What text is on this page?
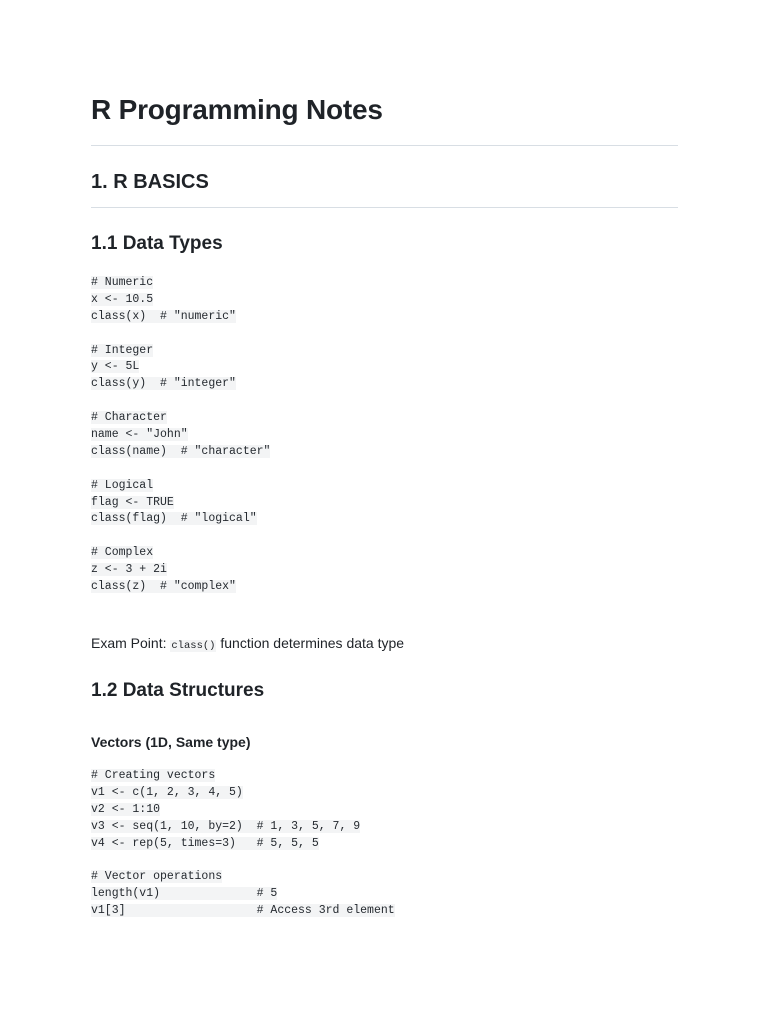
R Programming Notes
1. R BASICS
1.1 Data Types
# Numeric
x <- 10.5
class(x)  # "numeric"
# Integer
y <- 5L
class(y)  # "integer"
# Character
name <- "John"
class(name)  # "character"
# Logical
flag <- TRUE
class(flag)  # "logical"
# Complex
z <- 3 + 2i
class(z)  # "complex"

Exam Point: class() function determines data type

1.2 Data Structures
Vectors (1D, Same type)
# Creating vectors
v1 <- c(1, 2, 3, 4, 5)
v2 <- 1:10
v3 <- seq(1, 10, by=2)  # 1, 3, 5, 7, 9
v4 <- rep(5, times=3)   # 5, 5, 5
# Vector operations
length(v1)              # 5
v1[3]                   # Access 3rd element
